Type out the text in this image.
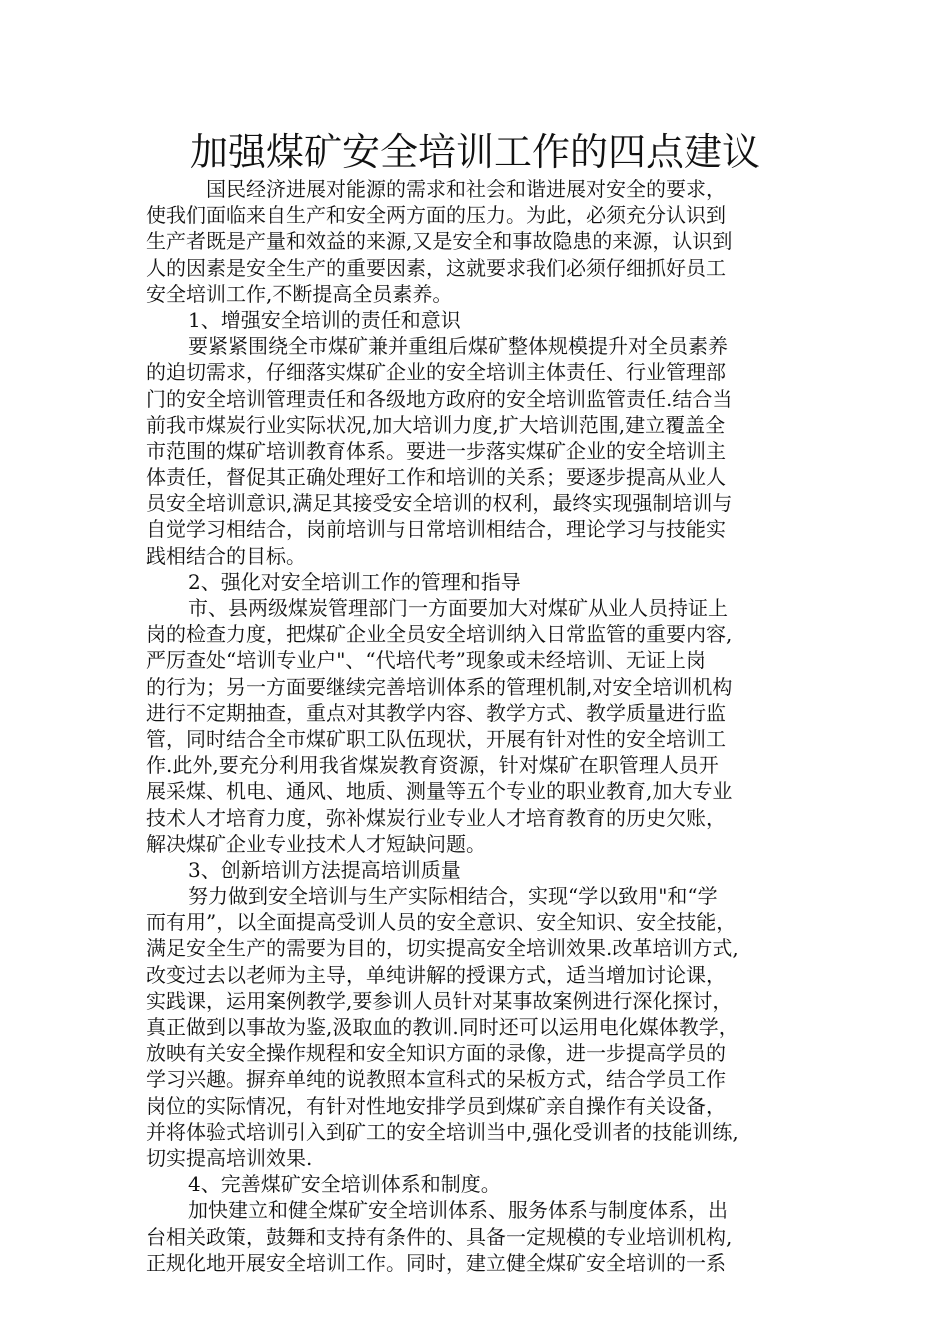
加强煤矿安全培训工作的四点建议
国民经济进展对能源的需求和社会和谐进展对安全的要求，
使我们面临来自生产和安全两方面的压力。为此，必须充分认识到
生产者既是产量和效益的来源,又是安全和事故隐患的来源，认识到
人的因素是安全生产的重要因素，这就要求我们必须仔细抓好员工
安全培训工作,不断提高全员素养。
1、增强安全培训的责任和意识
要紧紧围绕全市煤矿兼并重组后煤矿整体规模提升对全员素养
的迫切需求，仔细落实煤矿企业的安全培训主体责任、行业管理部
门的安全培训管理责任和各级地方政府的安全培训监管责任.结合当
前我市煤炭行业实际状况,加大培训力度,扩大培训范围,建立覆盖全
市范围的煤矿培训教育体系。要进一步落实煤矿企业的安全培训主
体责任，督促其正确处理好工作和培训的关系；要逐步提高从业人
员安全培训意识,满足其接受安全培训的权利，最终实现强制培训与
自觉学习相结合，岗前培训与日常培训相结合，理论学习与技能实
践相结合的目标。
2、强化对安全培训工作的管理和指导
市、县两级煤炭管理部门一方面要加大对煤矿从业人员持证上
岗的检查力度，把煤矿企业全员安全培训纳入日常监管的重要内容,
严厉查处“培训专业户"、“代培代考”现象或未经培训、无证上岗
的行为；另一方面要继续完善培训体系的管理机制,对安全培训机构
进行不定期抽查，重点对其教学内容、教学方式、教学质量进行监
管，同时结合全市煤矿职工队伍现状，开展有针对性的安全培训工
作.此外,要充分利用我省煤炭教育资源，针对煤矿在职管理人员开
展采煤、机电、通风、地质、测量等五个专业的职业教育,加大专业
技术人才培育力度，弥补煤炭行业专业人才培育教育的历史欠账，
解决煤矿企业专业技术人才短缺问题。
3、创新培训方法提高培训质量
努力做到安全培训与生产实际相结合，实现“学以致用"和“学
而有用”，以全面提高受训人员的安全意识、安全知识、安全技能，
满足安全生产的需要为目的，切实提高安全培训效果.改革培训方式,
改变过去以老师为主导，单纯讲解的授课方式，适当增加讨论课，
实践课，运用案例教学,要参训人员针对某事故案例进行深化探讨，
真正做到以事故为鉴,汲取血的教训.同时还可以运用电化媒体教学，
放映有关安全操作规程和安全知识方面的录像，进一步提高学员的
学习兴趣。摒弃单纯的说教照本宣科式的呆板方式，结合学员工作
岗位的实际情况，有针对性地安排学员到煤矿亲自操作有关设备，
并将体验式培训引入到矿工的安全培训当中,强化受训者的技能训练,
切实提高培训效果.
4、完善煤矿安全培训体系和制度。
加快建立和健全煤矿安全培训体系、服务体系与制度体系，出
台相关政策，鼓舞和支持有条件的、具备一定规模的专业培训机构,
正规化地开展安全培训工作。同时，建立健全煤矿安全培训的一系
